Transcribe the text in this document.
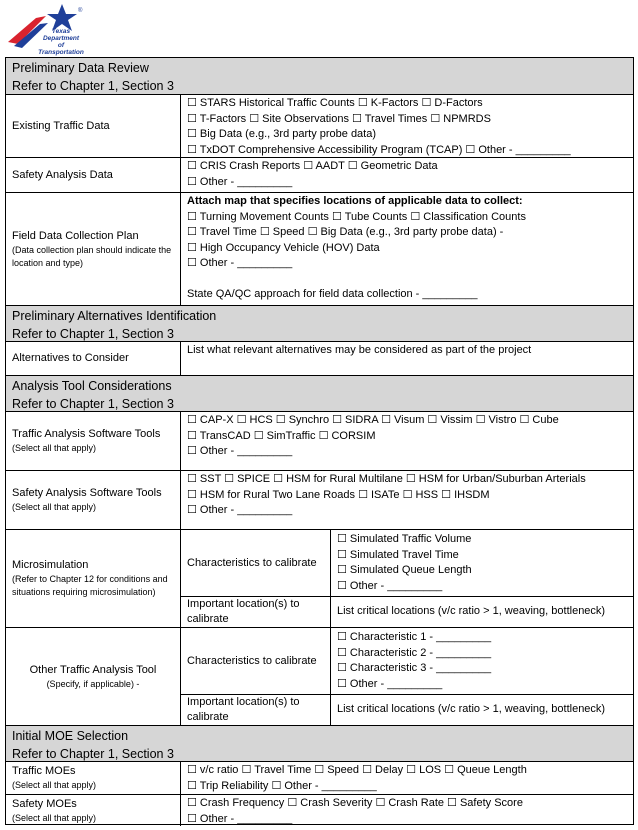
®
Texas
Department
of Transportation
Preliminary Data Review
Refer to Chapter 1, Section 3
Existing Traffic Data
☐ STARS Historical Traffic Counts ☐ K-Factors ☐ D-Factors
☐ T-Factors ☐ Site Observations ☐ Travel Times ☐ NPMRDS
☐ Big Data (e.g., 3rd party probe data)
☐ TxDOT Comprehensive Accessibility Program (TCAP) ☐ Other - _________
Safety Analysis Data
☐ CRIS Crash Reports ☐ AADT ☐ Geometric Data
☐ Other - _________
Field Data Collection Plan
(Data collection plan should indicate the location and type)
Attach map that specifies locations of applicable data to collect:
☐ Turning Movement Counts ☐ Tube Counts ☐ Classification Counts
☐ Travel Time ☐ Speed ☐ Big Data (e.g., 3rd party probe data) -
☐ High Occupancy Vehicle (HOV) Data
☐ Other - _________
State QA/QC approach for field data collection - _________
Preliminary Alternatives Identification
Refer to Chapter 1, Section 3
Alternatives to Consider
List what relevant alternatives may be considered as part of the project
Analysis Tool Considerations
Refer to Chapter 1, Section 3
Traffic Analysis Software Tools
(Select all that apply)
☐ CAP-X ☐ HCS ☐ Synchro ☐ SIDRA ☐ Visum ☐ Vissim ☐ Vistro ☐ Cube
☐ TransCAD ☐ SimTraffic ☐ CORSIM
☐ Other - _________
Safety Analysis Software Tools
(Select all that apply)
☐ SST ☐ SPICE ☐ HSM for Rural Multilane ☐ HSM for Urban/Suburban Arterials
☐ HSM for Rural Two Lane Roads ☐ ISATe ☐ HSS ☐ IHSDM
☐ Other - _________
Microsimulation
(Refer to Chapter 12 for conditions and situations requiring microsimulation)
Characteristics to calibrate
☐ Simulated Traffic Volume
☐ Simulated Travel Time
☐ Simulated Queue Length
☐ Other - _________
Important location(s) to calibrate
List critical locations (v/c ratio > 1, weaving, bottleneck)
Other Traffic Analysis Tool
(Specify, if applicable) -
Characteristics to calibrate
☐ Characteristic 1 - _________
☐ Characteristic 2 - _________
☐ Characteristic 3 - _________
☐ Other - _________
Important location(s) to calibrate
List critical locations (v/c ratio > 1, weaving, bottleneck)
Initial MOE Selection
Refer to Chapter 1, Section 3
Traffic MOEs
(Select all that apply)
☐ v/c ratio ☐ Travel Time ☐ Speed ☐ Delay ☐ LOS ☐ Queue Length
☐ Trip Reliability ☐ Other - _________
Safety MOEs
(Select all that apply)
☐ Crash Frequency ☐ Crash Severity ☐ Crash Rate ☐ Safety Score
☐ Other - _________
